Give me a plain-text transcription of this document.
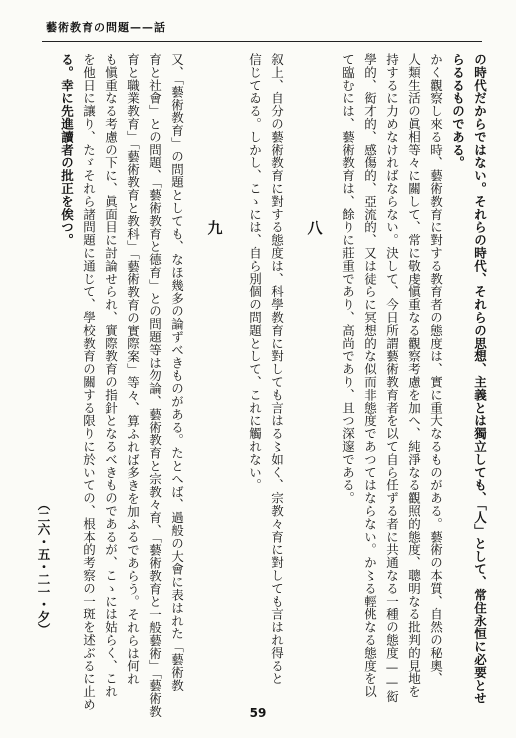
藝術教育の問題——話
の時代だからではない。それらの時代、それらの思想、主義とは獨立しても、「人」として、常住永恒に必要とせ
らるるものである。
かく觀察し來る時、藝術教育に對する教育者の態度は、實に重大なるものがある。藝術の本質、自然の秘奧、
人類生活の眞相等々に關して、常に敬虔愼重なる觀察考慮を加へ、純淨なる觀照的態度、聰明なる批判的見地を
持するに力めなければならない。決して、今日所謂藝術教育者を以て自ら任ずる者に共通なる一種の態度——衒
學的、衒才的、感傷的、亞流的、又は徒らに冥想的な似而非態度であつてはならない。か〻る輕佻なる態度を以
て臨むには、藝術教育は、餘りに莊重であり、高尚であり、且つ深邃である。
八
叙上、自分の藝術教育に對する態度は、科學教育に對しても言はる〻如く、宗教々育に對しても言はれ得ると
信じてゐる。しかし、こゝには、自ら別個の問題として、これに觸れない。
九
又、「藝術教育」の問題としても、なほ幾多の論ずべきものがある。たとへば、過般の大會に表はれた「藝術教
育と社會」との問題、「藝術教育と德育」との問題等は勿論、藝術教育と宗教々育、「藝術教育と一般藝術」「藝術教
育と職業教育」「藝術教育と教科」「藝術教育の實際案」等々、算ふれば多きを加ふるであらう。それらは何れ
も愼重なる考慮の下に、眞面目に討論せられ、實際教育の指針となるべきものであるが、こゝには姑らく、これ
を他日に讓り、たゞそれら諸問題に通じて、學校教育の關する限りに於いての、根本的考察の一斑を述ぶるに止め
る。幸に先進讀者の批正を俟つ。
（二六・五・二一・夕）
59
